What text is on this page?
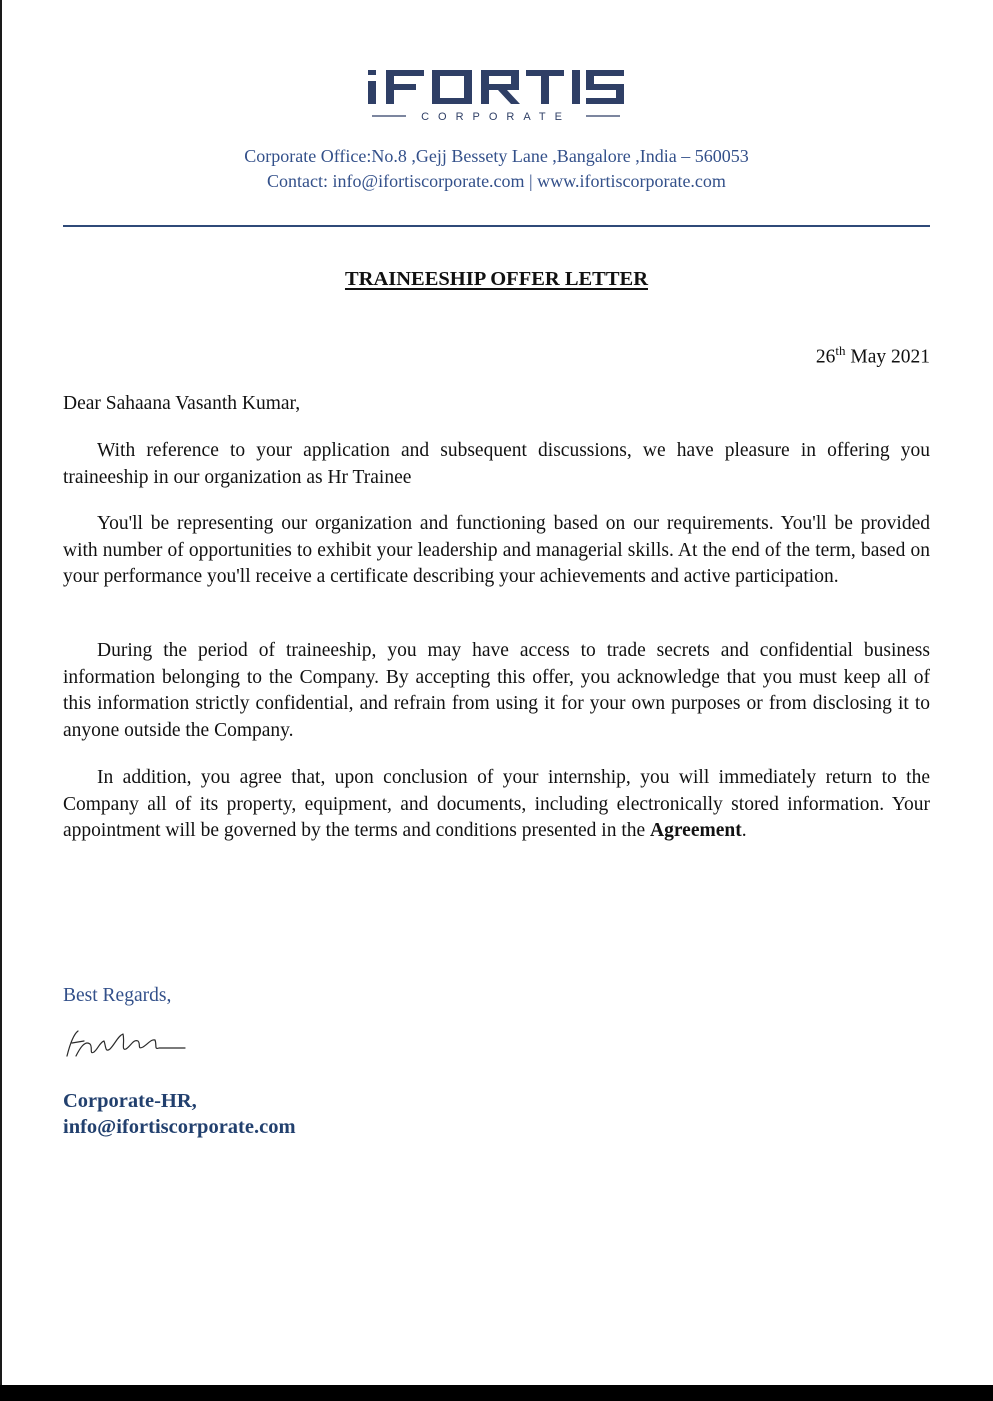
CORPORATE
Corporate Office:No.8 ,Gejj Bessety Lane ,Bangalore ,India – 560053
Contact: info@ifortiscorporate.com | www.ifortiscorporate.com
TRAINEESHIP OFFER LETTER
26th May 2021
Dear Sahaana Vasanth Kumar,

With reference to your application and subsequent discussions, we have pleasure in offering you traineeship in our organization as Hr Trainee

You'll be representing our organization and functioning based on our requirements. You'll be provided with number of opportunities to exhibit your leadership and managerial skills. At the end of the term, based on your performance you'll receive a certificate describing your achievements and active participation.

During the period of traineeship, you may have access to trade secrets and confidential business information belonging to the Company. By accepting this offer, you acknowledge that you must keep all of this information strictly confidential, and refrain from using it for your own purposes or from disclosing it to anyone outside the Company.

In addition, you agree that, upon conclusion of your internship, you will immediately return to the Company all of its property, equipment, and documents, including electronically stored information. Your appointment will be governed by the terms and conditions presented in the Agreement.

Best Regards,
Corporate-HR,
info@ifortiscorporate.com
